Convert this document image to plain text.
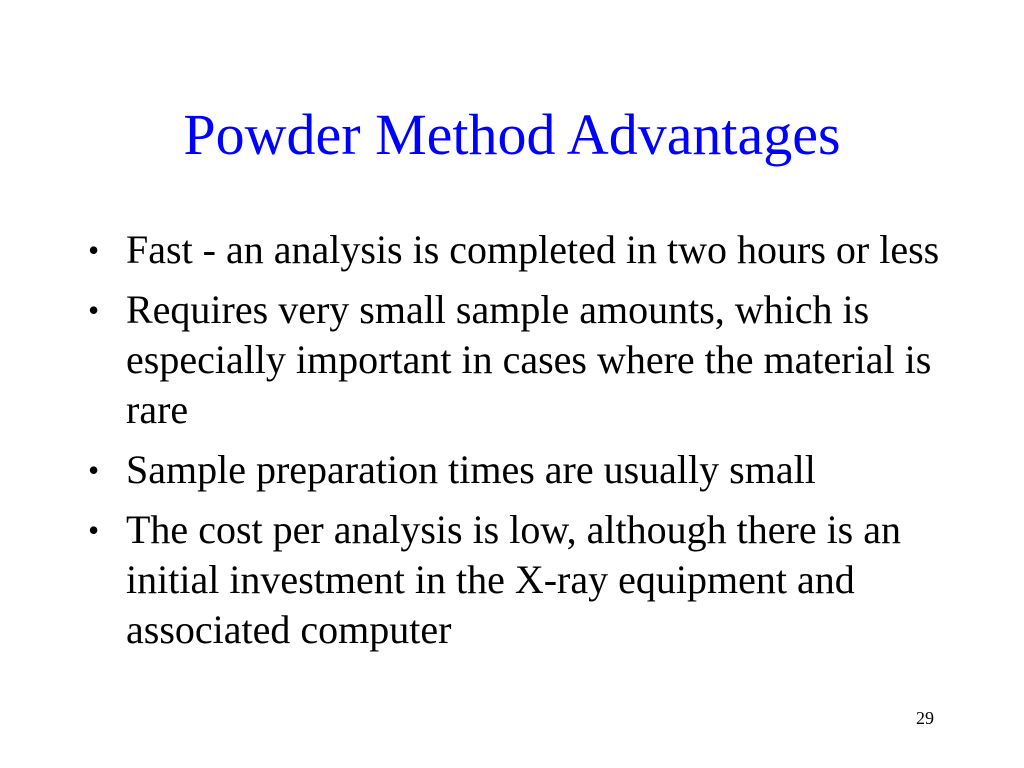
Powder Method Advantages
• Fast - an analysis is completed in two hours or less
• Requires very small sample amounts, which is especially important in cases where the material is rare
• Sample preparation times are usually small
• The cost per analysis is low, although there is an initial investment in the X-ray equipment and associated computer
29
